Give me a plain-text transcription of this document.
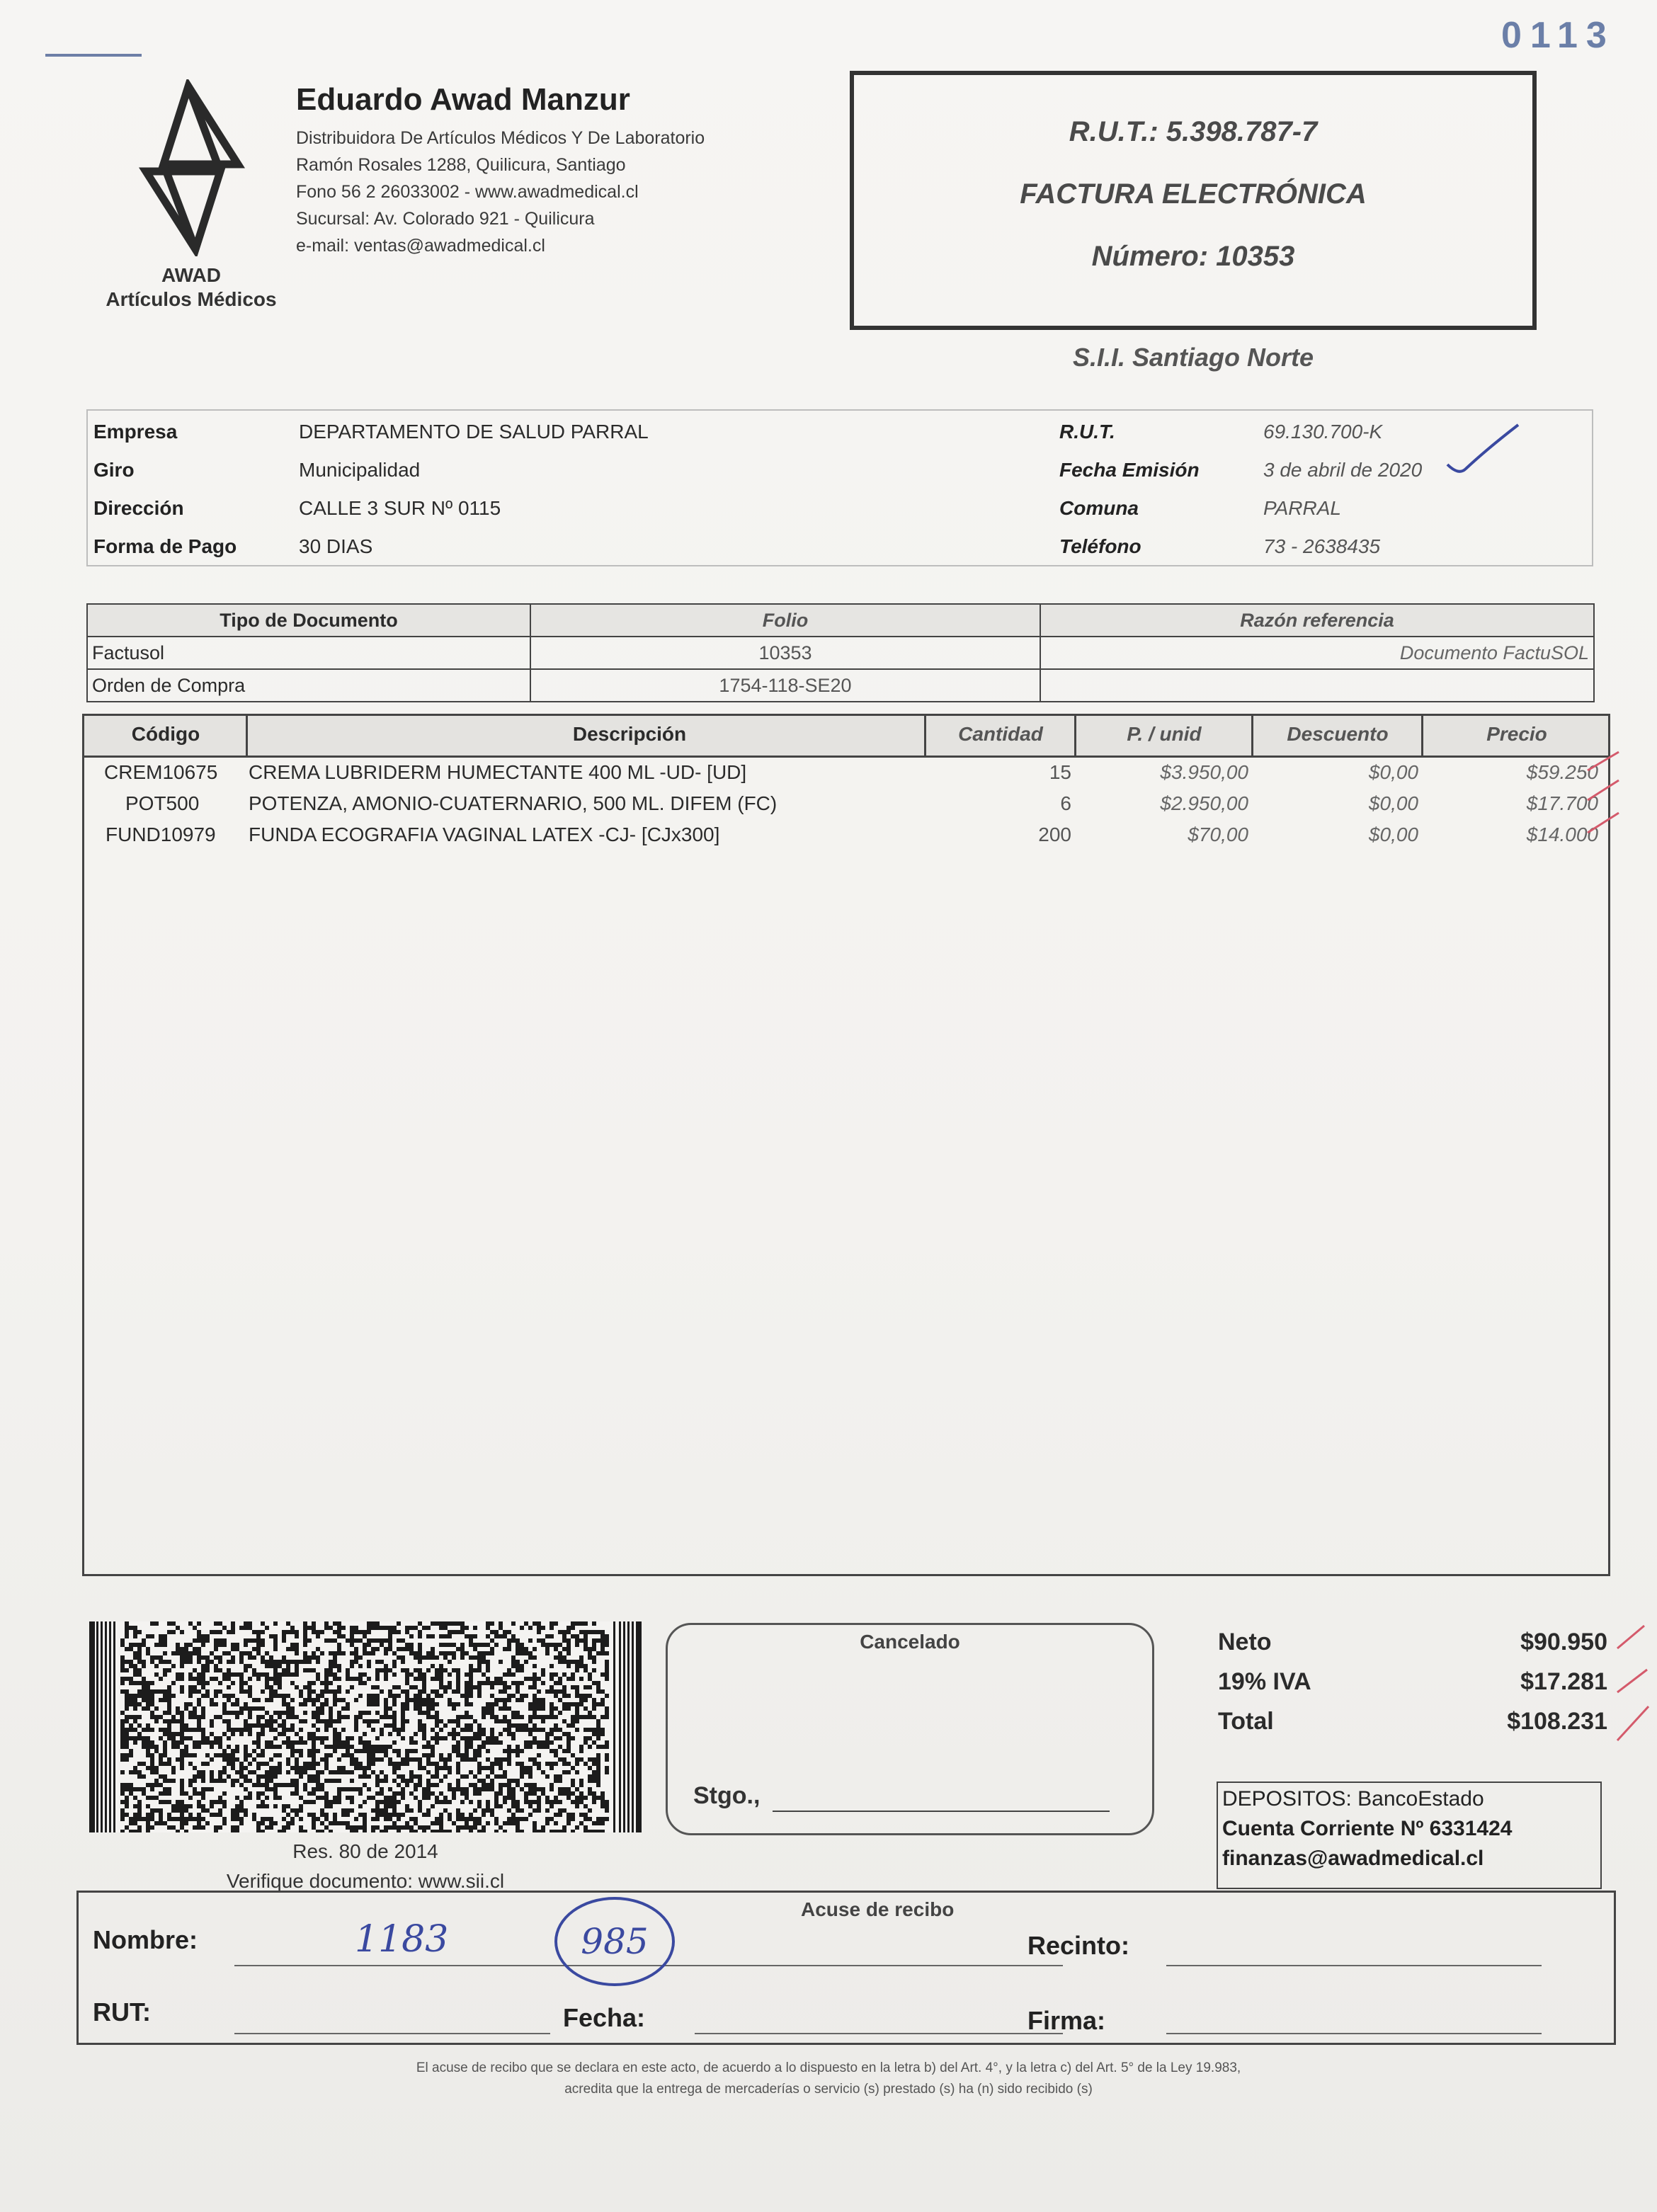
0113
AWAD
Artículos Médicos
Eduardo Awad Manzur
Distribuidora De Artículos Médicos Y De Laboratorio
Ramón Rosales 1288, Quilicura, Santiago
Fono 56 2 26033002 - www.awadmedical.cl
Sucursal: Av. Colorado 921 - Quilicura
e-mail: ventas@awadmedical.cl
R.U.T.: 5.398.787-7
FACTURA ELECTRÓNICA
Número: 10353
S.I.I. Santiago Norte
Empresa	DEPARTAMENTO DE SALUD PARRAL
Giro	Municipalidad
Dirección	CALLE 3 SUR Nº 0115
Forma de Pago	30 DIAS
R.U.T.	69.130.700-K
Fecha Emisión	3 de abril de 2020
Comuna	PARRAL
Teléfono	73 - 2638435
Tipo de Documento	Folio	Razón referencia
Factusol	10353	Documento FactuSOL
Orden de Compra	1754-118-SE20	
Código	Descripción	Cantidad	P. / unid	Descuento	Precio
CREM10675 CREMA LUBRIDERM HUMECTANTE 400 ML -UD- [UD]	15	$3.950,00	$0,00	$59.250
POT500 POTENZA, AMONIO-CUATERNARIO, 500 ML. DIFEM (FC)	6	$2.950,00	$0,00	$17.700
FUND10979 FUNDA ECOGRAFIA VAGINAL LATEX -CJ- [CJx300]	200	$70,00	$0,00	$14.000
Res. 80 de 2014
Verifique documento: www.sii.cl
Cancelado
Stgo.,
Neto	$90.950
19% IVA	$17.281
Total	$108.231
DEPOSITOS: BancoEstado
Cuenta Corriente Nº 6331424
finanzas@awadmedical.cl
Acuse de recibo
Nombre:	1183	985	Recinto:
RUT:	Fecha:	Firma:
El acuse de recibo que se declara en este acto, de acuerdo a lo dispuesto en la letra b) del Art. 4°, y la letra c) del Art. 5° de la Ley 19.983,
acredita que la entrega de mercaderías o servicio (s) prestado (s) ha (n) sido recibido (s)
